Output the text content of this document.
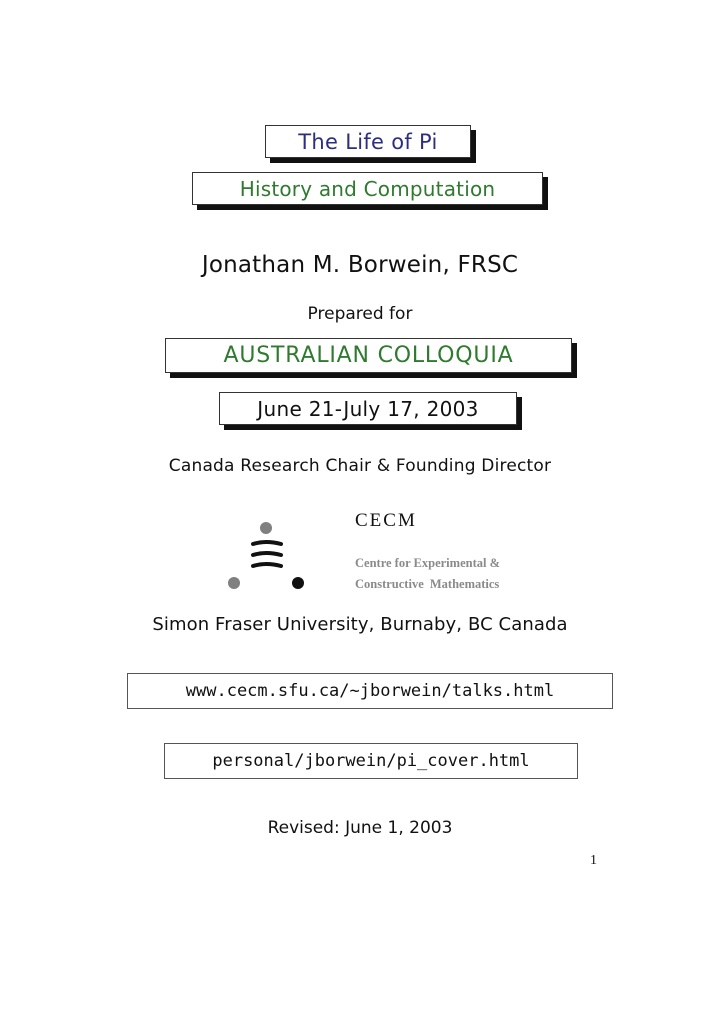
The Life of Pi
History and Computation
Jonathan M. Borwein, FRSC
Prepared for
AUSTRALIAN COLLOQUIA
June 21-July 17, 2003
Canada Research Chair & Founding Director
CECM
Centre for Experimental &
Constructive Mathematics
Simon Fraser University, Burnaby, BC Canada
www.cecm.sfu.ca/~jborwein/talks.html
personal/jborwein/pi_cover.html
Revised: June 1, 2003
1
